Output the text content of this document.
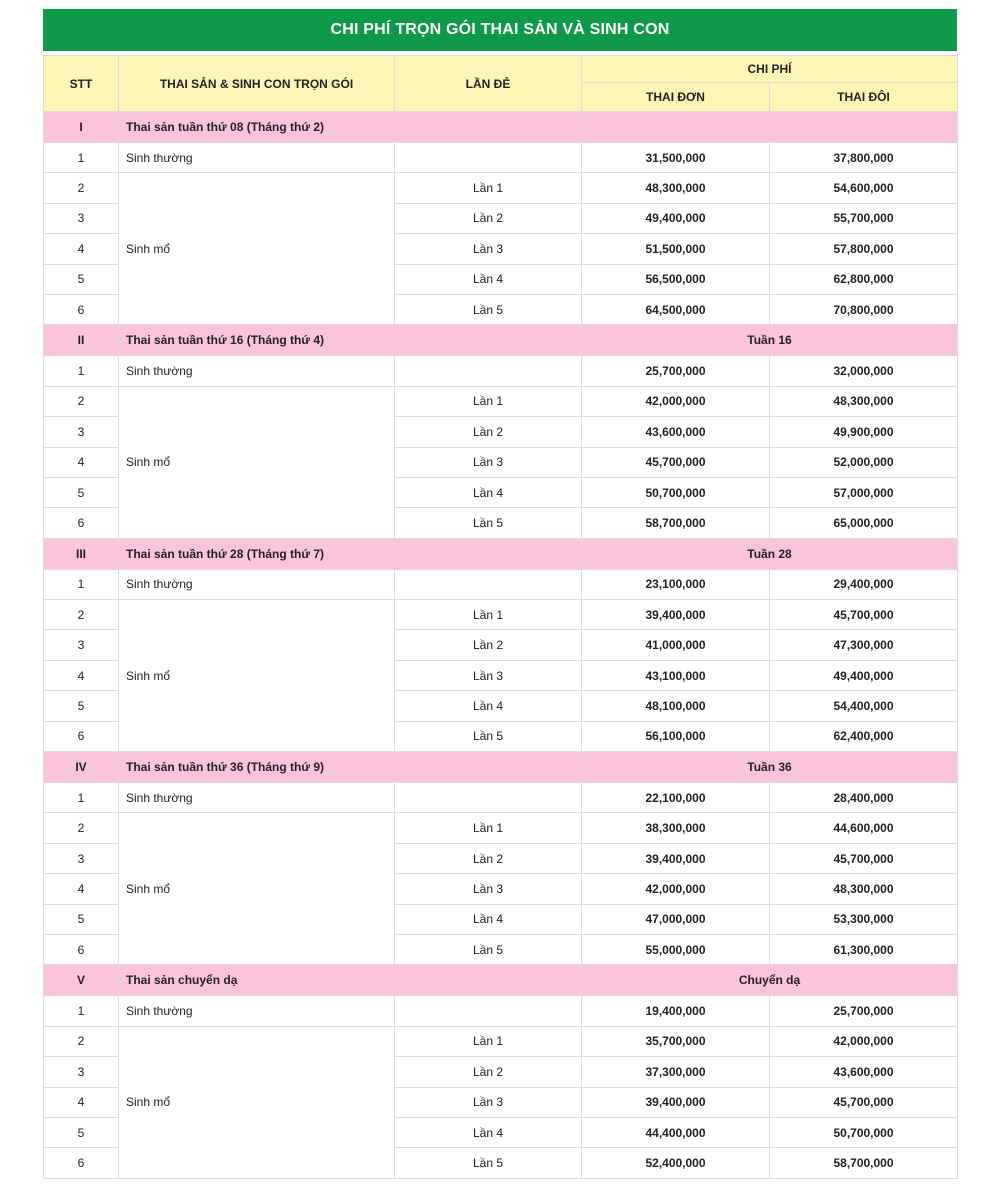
CHI PHÍ TRỌN GÓI THAI SẢN VÀ SINH CON
STT	THAI SẢN & SINH CON TRỌN GÓI	LẦN ĐẺ	CHI PHÍ	
			THAI ĐƠN	THAI ĐÔI
I	Thai sản tuần thứ 08 (Tháng thứ 2)			
1	Sinh thường		31,500,000	37,800,000
2	Sinh mổ	Lần 1	48,300,000	54,600,000
3		Lần 2	49,400,000	55,700,000
4		Lần 3	51,500,000	57,800,000
5		Lần 4	56,500,000	62,800,000
6		Lần 5	64,500,000	70,800,000
II	Thai sản tuần thứ 16 (Tháng thứ 4)		Tuần 16	
1	Sinh thường		25,700,000	32,000,000
2	Sinh mổ	Lần 1	42,000,000	48,300,000
3		Lần 2	43,600,000	49,900,000
4		Lần 3	45,700,000	52,000,000
5		Lần 4	50,700,000	57,000,000
6		Lần 5	58,700,000	65,000,000
III	Thai sản tuần thứ 28 (Tháng thứ 7)		Tuần 28	
1	Sinh thường		23,100,000	29,400,000
2	Sinh mổ	Lần 1	39,400,000	45,700,000
3		Lần 2	41,000,000	47,300,000
4		Lần 3	43,100,000	49,400,000
5		Lần 4	48,100,000	54,400,000
6		Lần 5	56,100,000	62,400,000
IV	Thai sản tuần thứ 36 (Tháng thứ 9)		Tuần 36	
1	Sinh thường		22,100,000	28,400,000
2	Sinh mổ	Lần 1	38,300,000	44,600,000
3		Lần 2	39,400,000	45,700,000
4		Lần 3	42,000,000	48,300,000
5		Lần 4	47,000,000	53,300,000
6		Lần 5	55,000,000	61,300,000
V	Thai sản chuyển dạ		Chuyển dạ	
1	Sinh thường		19,400,000	25,700,000
2	Sinh mổ	Lần 1	35,700,000	42,000,000
3		Lần 2	37,300,000	43,600,000
4		Lần 3	39,400,000	45,700,000
5		Lần 4	44,400,000	50,700,000
6		Lần 5	52,400,000	58,700,000
